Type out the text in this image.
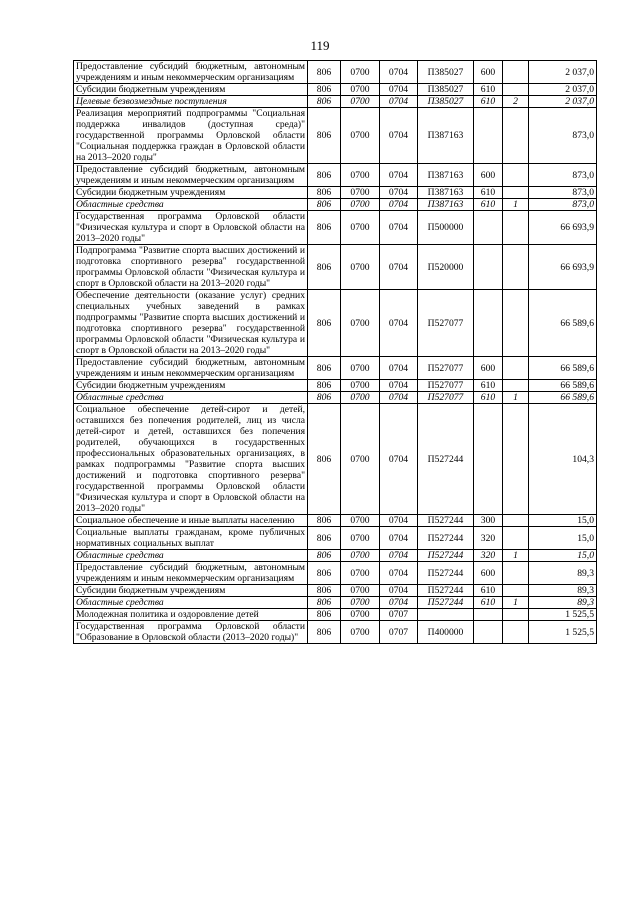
119
Предоставление субсидий бюджетным, автономным учреждениям и иным некоммерческим организациям	806	0700	0704	П385027	600		2 037,0
Субсидии бюджетным учреждениям	806	0700	0704	П385027	610		2 037,0
Целевые безвозмездные поступления	806	0700	0704	П385027	610	2	2 037,0
Реализация мероприятий подпрограммы "Социальная поддержка инвалидов (доступная среда)" государственной программы Орловской области "Социальная поддержка граждан в Орловской области на 2013–2020 годы"	806	0700	0704	П387163			873,0
Предоставление субсидий бюджетным, автономным учреждениям и иным некоммерческим организациям	806	0700	0704	П387163	600		873,0
Субсидии бюджетным учреждениям	806	0700	0704	П387163	610		873,0
Областные средства	806	0700	0704	П387163	610	1	873,0
Государственная программа Орловской области "Физическая культура и спорт в Орловской области на 2013–2020 годы"	806	0700	0704	П500000			66 693,9
Подпрограмма "Развитие спорта высших достижений и подготовка спортивного резерва" государственной программы Орловской области "Физическая культура и спорт в Орловской области на 2013–2020 годы"	806	0700	0704	П520000			66 693,9
Обеспечение деятельности (оказание услуг) средних специальных учебных заведений в рамках подпрограммы "Развитие спорта высших достижений и подготовка спортивного резерва" государственной программы Орловской области "Физическая культура и спорт в Орловской области на 2013–2020 годы"	806	0700	0704	П527077			66 589,6
Предоставление субсидий бюджетным, автономным учреждениям и иным некоммерческим организациям	806	0700	0704	П527077	600		66 589,6
Субсидии бюджетным учреждениям	806	0700	0704	П527077	610		66 589,6
Областные средства	806	0700	0704	П527077	610	1	66 589,6
Социальное обеспечение детей-сирот и детей, оставшихся без попечения родителей, лиц из числа детей-сирот и детей, оставшихся без попечения родителей, обучающихся в государственных профессиональных образовательных организациях, в рамках подпрограммы "Развитие спорта высших достижений и подготовка спортивного резерва" государственной программы Орловской области "Физическая культура и спорт в Орловской области на 2013–2020 годы"	806	0700	0704	П527244			104,3
Социальное обеспечение и иные выплаты населению	806	0700	0704	П527244	300		15,0
Социальные выплаты гражданам, кроме публичных нормативных социальных выплат	806	0700	0704	П527244	320		15,0
Областные средства	806	0700	0704	П527244	320	1	15,0
Предоставление субсидий бюджетным, автономным учреждениям и иным некоммерческим организациям	806	0700	0704	П527244	600		89,3
Субсидии бюджетным учреждениям	806	0700	0704	П527244	610		89,3
Областные средства	806	0700	0704	П527244	610	1	89,3
Молодежная политика и оздоровление детей	806	0700	0707				1 525,5
Государственная программа Орловской области "Образование в Орловской области (2013–2020 годы)"	806	0700	0707	П400000			1 525,5
